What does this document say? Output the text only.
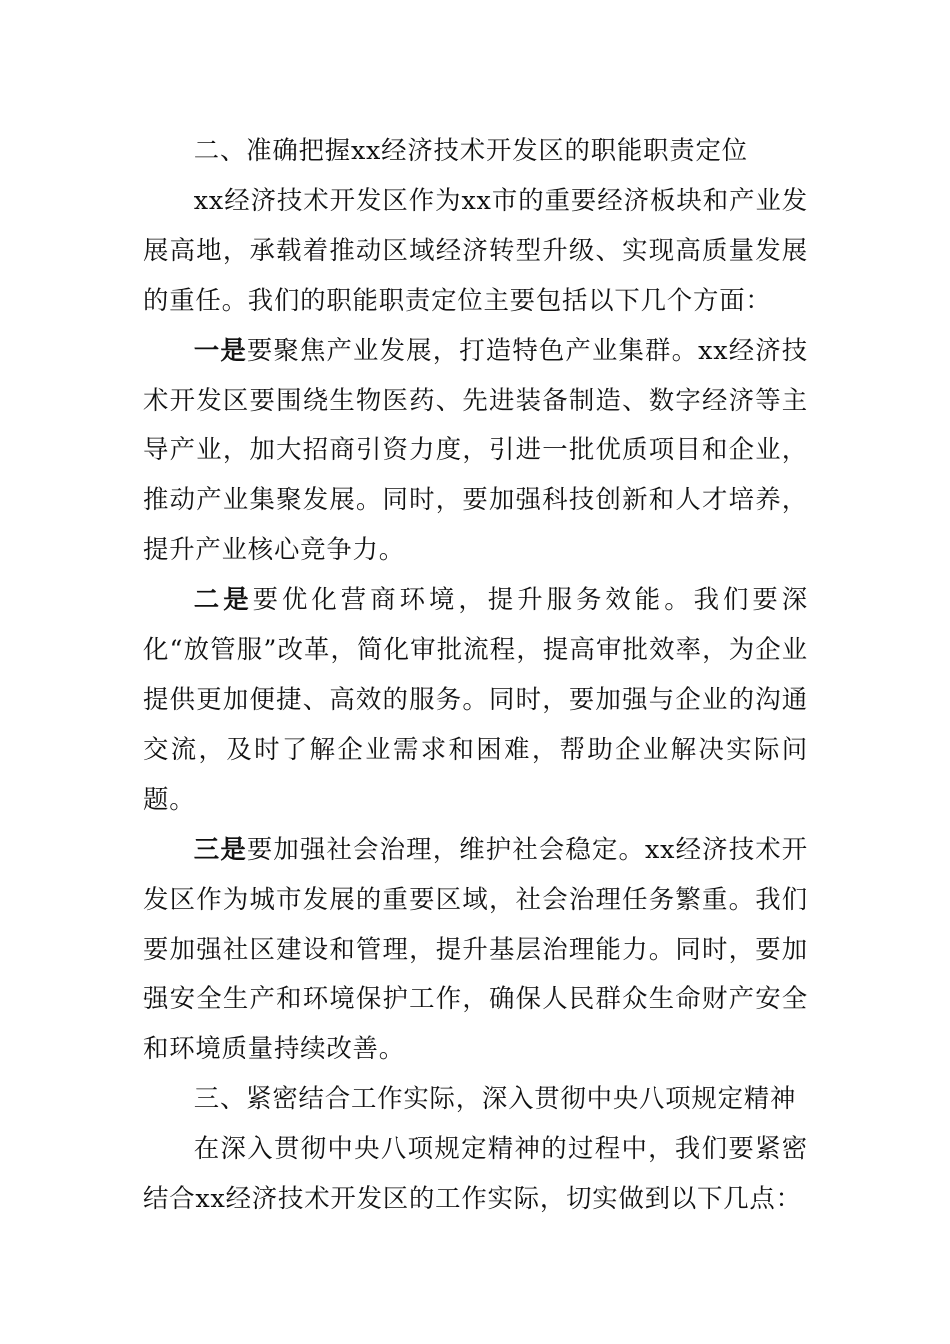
二、准确把握xx经济技术开发区的职能职责定位

xx经济技术开发区作为xx市的重要经济板块和产业发展高地，承载着推动区域经济转型升级、实现高质量发展的重任。我们的职能职责定位主要包括以下几个方面：

一是要聚焦产业发展，打造特色产业集群。xx经济技术开发区要围绕生物医药、先进装备制造、数字经济等主导产业，加大招商引资力度，引进一批优质项目和企业，推动产业集聚发展。同时，要加强科技创新和人才培养，提升产业核心竞争力。

二是要优化营商环境，提升服务效能。我们要深化“放管服”改革，简化审批流程，提高审批效率，为企业提供更加便捷、高效的服务。同时，要加强与企业的沟通交流，及时了解企业需求和困难，帮助企业解决实际问题。

三是要加强社会治理，维护社会稳定。xx经济技术开发区作为城市发展的重要区域，社会治理任务繁重。我们要加强社区建设和管理，提升基层治理能力。同时，要加强安全生产和环境保护工作，确保人民群众生命财产安全和环境质量持续改善。

三、紧密结合工作实际，深入贯彻中央八项规定精神

在深入贯彻中央八项规定精神的过程中，我们要紧密结合xx经济技术开发区的工作实际，切实做到以下几点：
